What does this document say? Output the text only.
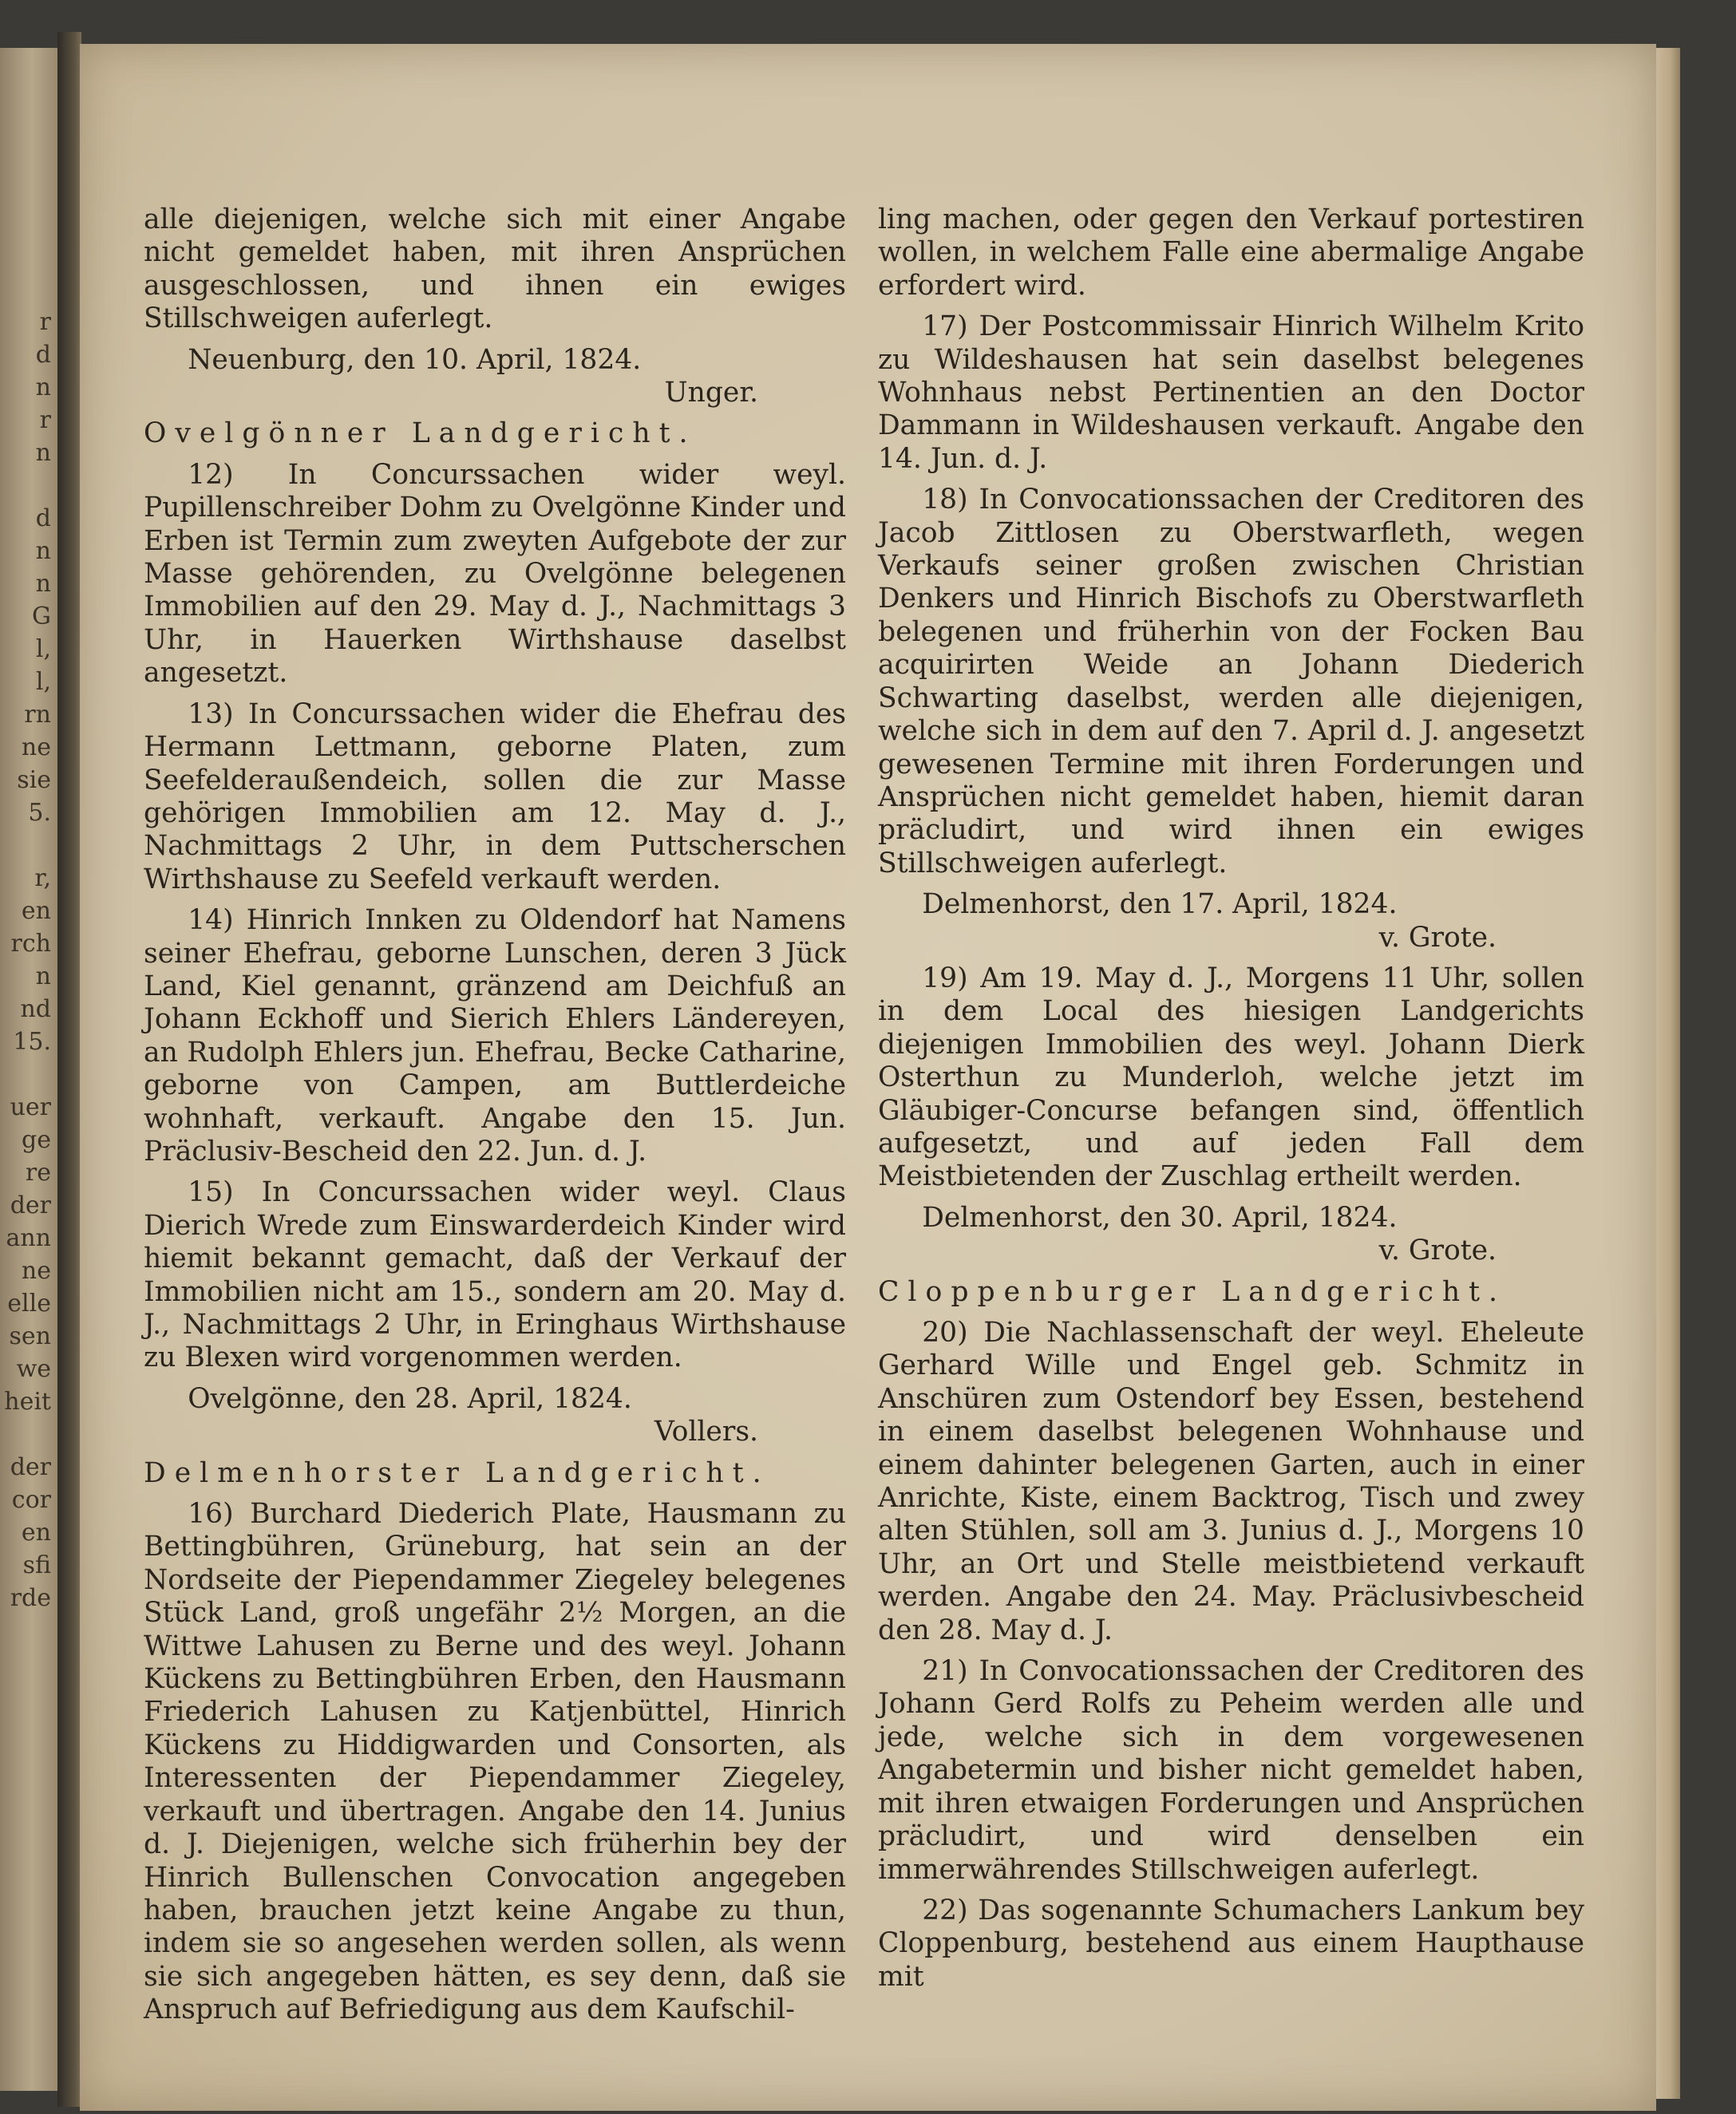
r
d
n
r
n

d
n
n
G
l,
l,
rn
ne
sie
5.

r,
en
rch
n
nd
15.

uer
ge
re
der
ann
ne
elle
sen
we
heit

der
cor
en
sfi
rde

alle diejenigen, welche sich mit einer Angabe nicht gemeldet haben, mit ihren Ansprüchen ausgeschlossen, und ihnen ein ewiges Stillschweigen auferlegt.

Neuenburg, den 10. April, 1824.

Unger.

Ovelgönner Landgericht.

12) In Concurssachen wider weyl. Pupillenschreiber Dohm zu Ovelgönne Kinder und Erben ist Termin zum zweyten Aufgebote der zur Masse gehörenden, zu Ovelgönne belegenen Immobilien auf den 29. May d. J., Nachmittags 3 Uhr, in Hauerken Wirthshause daselbst angesetzt.

13) In Concurssachen wider die Ehefrau des Hermann Lettmann, geborne Platen, zum Seefelderaußendeich, sollen die zur Masse gehörigen Immobilien am 12. May d. J., Nachmittags 2 Uhr, in dem Puttscherschen Wirthshause zu Seefeld verkauft werden.

14) Hinrich Innken zu Oldendorf hat Namens seiner Ehefrau, geborne Lunschen, deren 3 Jück Land, Kiel genannt, gränzend am Deichfuß an Johann Eckhoff und Sierich Ehlers Ländereyen, an Rudolph Ehlers jun. Ehefrau, Becke Catharine, geborne von Campen, am Buttlerdeiche wohnhaft, verkauft. Angabe den 15. Jun. Präclusiv-Bescheid den 22. Jun. d. J.

15) In Concurssachen wider weyl. Claus Dierich Wrede zum Einswarderdeich Kinder wird hiemit bekannt gemacht, daß der Verkauf der Immobilien nicht am 15., sondern am 20. May d. J., Nachmittags 2 Uhr, in Eringhaus Wirthshause zu Blexen wird vorgenommen werden.

Ovelgönne, den 28. April, 1824.

Vollers.

Delmenhorster Landgericht.

16) Burchard Diederich Plate, Hausmann zu Bettingbühren, Grüneburg, hat sein an der Nordseite der Piependammer Ziegeley belegenes Stück Land, groß ungefähr 2½ Morgen, an die Wittwe Lahusen zu Berne und des weyl. Johann Kückens zu Bettingbühren Erben, den Hausmann Friederich Lahusen zu Katjenbüttel, Hinrich Kückens zu Hiddigwarden und Consorten, als Interessenten der Piependammer Ziegeley, verkauft und übertragen. Angabe den 14. Junius d. J. Diejenigen, welche sich früherhin bey der Hinrich Bullenschen Convocation angegeben haben, brauchen jetzt keine Angabe zu thun, indem sie so angesehen werden sollen, als wenn sie sich angegeben hätten, es sey denn, daß sie Anspruch auf Befriedigung aus dem Kaufschil-

ling machen, oder gegen den Verkauf portestiren wollen, in welchem Falle eine abermalige Angabe erfordert wird.

17) Der Postcommissair Hinrich Wilhelm Krito zu Wildeshausen hat sein daselbst belegenes Wohnhaus nebst Pertinentien an den Doctor Dammann in Wildeshausen verkauft. Angabe den 14. Jun. d. J.

18) In Convocationssachen der Creditoren des Jacob Zittlosen zu Oberstwarfleth, wegen Verkaufs seiner großen zwischen Christian Denkers und Hinrich Bischofs zu Oberstwarfleth belegenen und früherhin von der Focken Bau acquirirten Weide an Johann Diederich Schwarting daselbst, werden alle diejenigen, welche sich in dem auf den 7. April d. J. angesetzt gewesenen Termine mit ihren Forderungen und Ansprüchen nicht gemeldet haben, hiemit daran präcludirt, und wird ihnen ein ewiges Stillschweigen auferlegt.

Delmenhorst, den 17. April, 1824.

v. Grote.

19) Am 19. May d. J., Morgens 11 Uhr, sollen in dem Local des hiesigen Landgerichts diejenigen Immobilien des weyl. Johann Dierk Osterthun zu Munderloh, welche jetzt im Gläubiger-Concurse befangen sind, öffentlich aufgesetzt, und auf jeden Fall dem Meistbietenden der Zuschlag ertheilt werden.

Delmenhorst, den 30. April, 1824.

v. Grote.

Cloppenburger Landgericht.

20) Die Nachlassenschaft der weyl. Eheleute Gerhard Wille und Engel geb. Schmitz in Anschüren zum Ostendorf bey Essen, bestehend in einem daselbst belegenen Wohnhause und einem dahinter belegenen Garten, auch in einer Anrichte, Kiste, einem Backtrog, Tisch und zwey alten Stühlen, soll am 3. Junius d. J., Morgens 10 Uhr, an Ort und Stelle meistbietend verkauft werden. Angabe den 24. May. Präclusivbescheid den 28. May d. J.

21) In Convocationssachen der Creditoren des Johann Gerd Rolfs zu Peheim werden alle und jede, welche sich in dem vorgewesenen Angabetermin und bisher nicht gemeldet haben, mit ihren etwaigen Forderungen und Ansprüchen präcludirt, und wird denselben ein immerwährendes Stillschweigen auferlegt.

22) Das sogenannte Schumachers Lankum bey Cloppenburg, bestehend aus einem Haupthause mit
